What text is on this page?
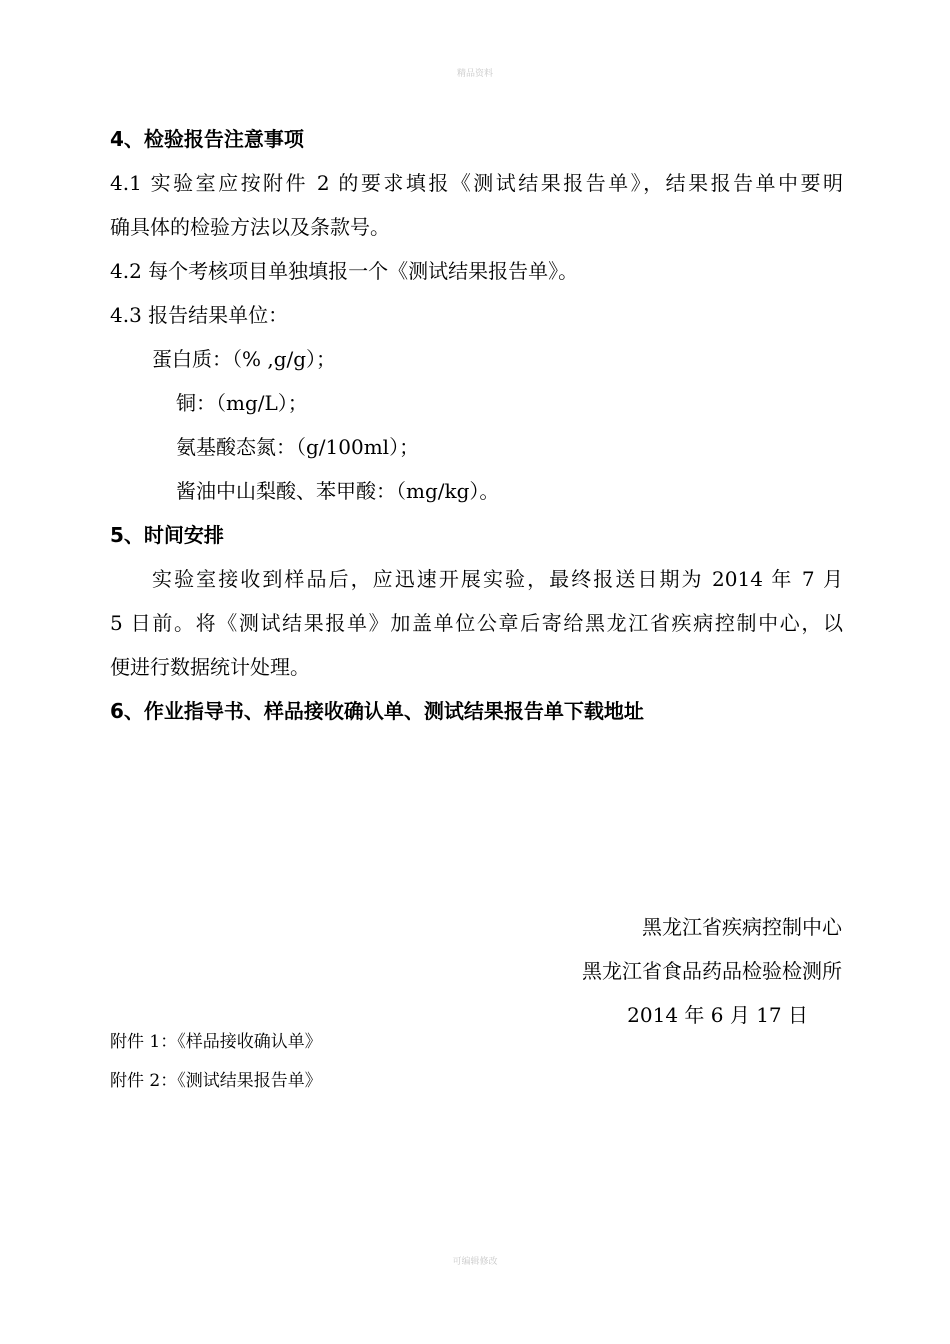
精品资料

4、检验报告注意事项

4.1 实验室应按附件 2 的要求填报《测试结果报告单》，结果报告单中要明

确具体的检验方法以及条款号。

4.2 每个考核项目单独填报一个《测试结果报告单》。

4.3 报告结果单位：

蛋白质：（% ,g/g）；

铜：（mg/L）；

氨基酸态氮：（g/100ml）；

酱油中山梨酸、苯甲酸：（mg/kg）。

5、时间安排

实验室接收到样品后，应迅速开展实验，最终报送日期为 2014 年 7 月

5 日前。将《测试结果报单》加盖单位公章后寄给黑龙江省疾病控制中心，以

便进行数据统计处理。

6、作业指导书、样品接收确认单、测试结果报告单下载地址

黑龙江省疾病控制中心
黑龙江省食品药品检验检测所
2014 年 6 月 17 日
附件 1：《样品接收确认单》
附件 2：《测试结果报告单》
可编辑修改
